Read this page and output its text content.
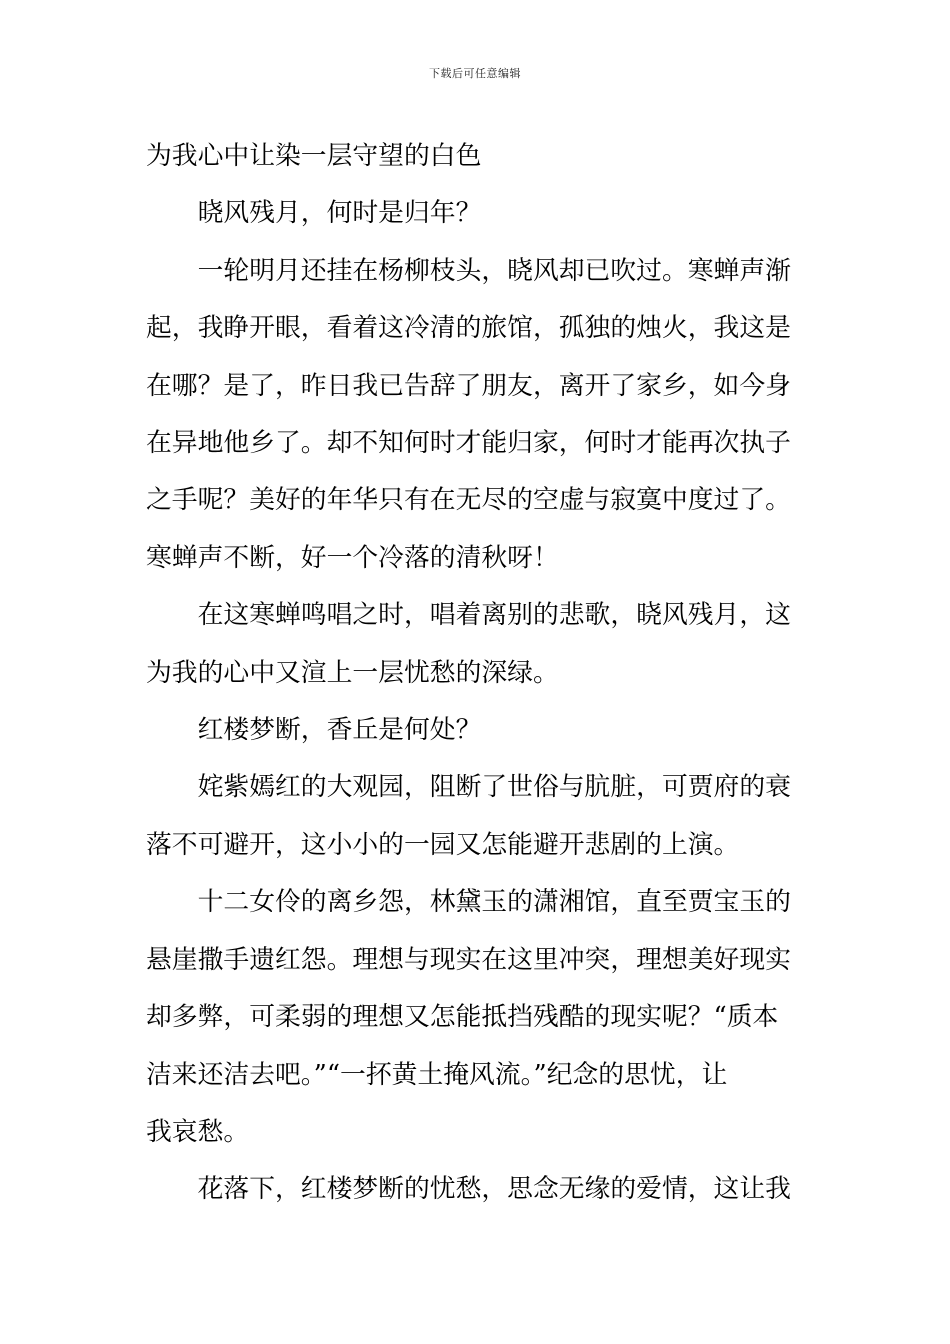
下载后可任意编辑

为我心中让染一层守望的白色

晓风残月，何时是归年？

一轮明月还挂在杨柳枝头，晓风却已吹过。寒蝉声渐

起，我睁开眼，看着这冷清的旅馆，孤独的烛火，我这是
在哪？是了，昨日我已告辞了朋友，离开了家乡，如今身
在异地他乡了。却不知何时才能归家，何时才能再次执子
之手呢？美好的年华只有在无尽的空虚与寂寞中度过了。
寒蝉声不断，好一个冷落的清秋呀！

在这寒蝉鸣唱之时，唱着离别的悲歌，晓风残月，这

为我的心中又渲上一层忧愁的深绿。

红楼梦断，香丘是何处？

姹紫嫣红的大观园，阻断了世俗与肮脏，可贾府的衰

落不可避开，这小小的一园又怎能避开悲剧的上演。

十二女伶的离乡怨，林黛玉的潇湘馆，直至贾宝玉的

悬崖撒手遗红怨。理想与现实在这里冲突，理想美好现实
却多弊，可柔弱的理想又怎能抵挡残酷的现实呢？“质本
洁来还洁去吧。”“一抔黄土掩风流。”纪念的思忧，让
我哀愁。

花落下，红楼梦断的忧愁，思念无缘的爱情，这让我
